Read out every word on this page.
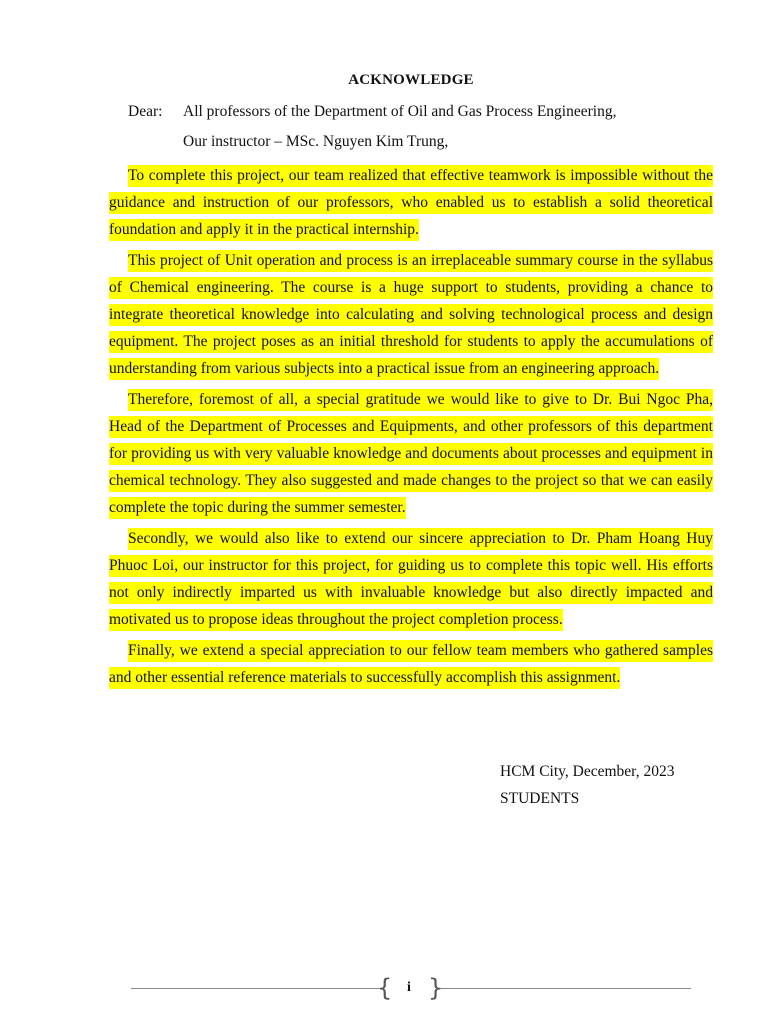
ACKNOWLEDGE
Dear: All professors of the Department of Oil and Gas Process Engineering,
Our instructor – MSc. Nguyen Kim Trung,

To complete this project, our team realized that effective teamwork is impossible without the guidance and instruction of our professors, who enabled us to establish a solid theoretical foundation and apply it in the practical internship.

This project of Unit operation and process is an irreplaceable summary course in the syllabus of Chemical engineering. The course is a huge support to students, providing a chance to integrate theoretical knowledge into calculating and solving technological process and design equipment. The project poses as an initial threshold for students to apply the accumulations of understanding from various subjects into a practical issue from an engineering approach.

Therefore, foremost of all, a special gratitude we would like to give to Dr. Bui Ngoc Pha, Head of the Department of Processes and Equipments, and other professors of this department for providing us with very valuable knowledge and documents about processes and equipment in chemical technology. They also suggested and made changes to the project so that we can easily complete the topic during the summer semester.

Secondly, we would also like to extend our sincere appreciation to Dr. Pham Hoang Huy Phuoc Loi, our instructor for this project, for guiding us to complete this topic well. His efforts not only indirectly imparted us with invaluable knowledge but also directly impacted and motivated us to propose ideas throughout the project completion process.

Finally, we extend a special appreciation to our fellow team members who gathered samples and other essential reference materials to successfully accomplish this assignment.

HCM City, December, 2023
STUDENTS
{ }
i
